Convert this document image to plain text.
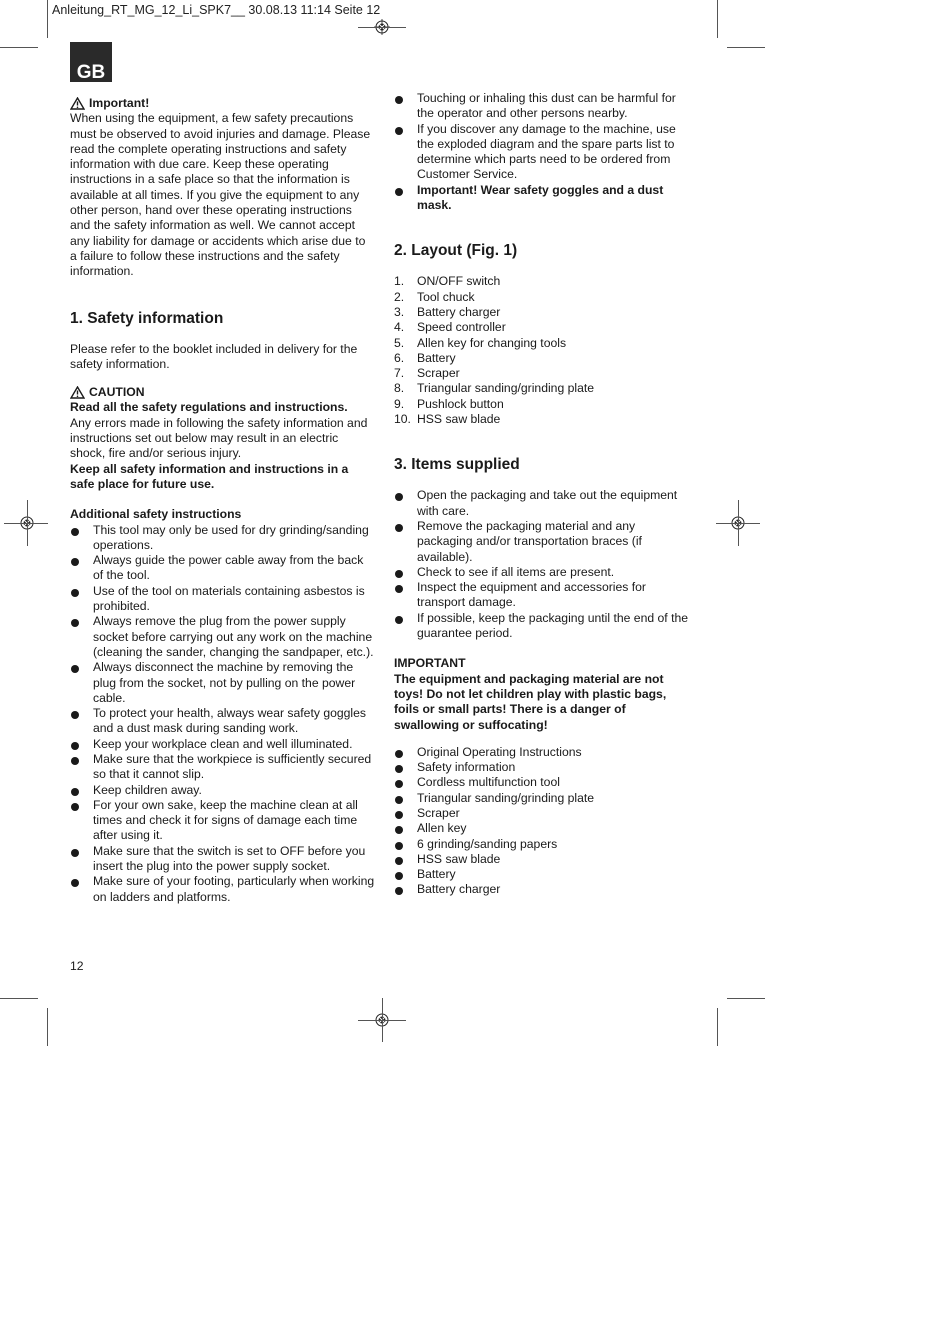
Anleitung_RT_MG_12_Li_SPK7__ 30.08.13 11:14 Seite 12
GB
Important!

When using the equipment, a few safety precautions must be observed to avoid injuries and damage. Please read the complete operating instructions and safety information with due care. Keep these operating instructions in a safe place so that the information is available at all times. If you give the equipment to any other person, hand over these operating instructions and the safety information as well. We cannot accept any liability for damage or accidents which arise due to a failure to follow these instructions and the safety information.

1. Safety information

Please refer to the booklet included in delivery for the safety information.

CAUTION

Read all the safety regulations and instructions.

Any errors made in following the safety information and instructions set out below may result in an electric shock, fire and/or serious injury.

Keep all safety information and instructions in a safe place for future use.

Additional safety instructions

This tool may only be used for dry grinding/sanding operations.
Always guide the power cable away from the back of the tool.
Use of the tool on materials containing asbestos is prohibited.
Always remove the plug from the power supply socket before carrying out any work on the machine (cleaning the sander, changing the sandpaper, etc.).
Always disconnect the machine by removing the plug from the socket, not by pulling on the power cable.
To protect your health, always wear safety goggles and a dust mask during sanding work.
Keep your workplace clean and well illuminated.
Make sure that the workpiece is sufficiently secured so that it cannot slip.
Keep children away.
For your own sake, keep the machine clean at all times and check it for signs of damage each time after using it.
Make sure that the switch is set to OFF before you insert the plug into the power supply socket.
Make sure of your footing, particularly when working on ladders and platforms.
Touching or inhaling this dust can be harmful for the operator and other persons nearby.
If you discover any damage to the machine, use the exploded diagram and the spare parts list to determine which parts need to be ordered from Customer Service.
Important! Wear safety goggles and a dust mask.
2. Layout (Fig. 1)
1. ON/OFF switch
2. Tool chuck
3. Battery charger
4. Speed controller
5. Allen key for changing tools
6. Battery
7. Scraper
8. Triangular sanding/grinding plate
9. Pushlock button
10. HSS saw blade
3. Items supplied
Open the packaging and take out the equipment with care.
Remove the packaging material and any packaging and/or transportation braces (if available).
Check to see if all items are present.
Inspect the equipment and accessories for transport damage.
If possible, keep the packaging until the end of the guarantee period.

IMPORTANT

The equipment and packaging material are not toys! Do not let children play with plastic bags, foils or small parts! There is a danger of swallowing or suffocating!

Original Operating Instructions
Safety information
Cordless multifunction tool
Triangular sanding/grinding plate
Scraper
Allen key
6 grinding/sanding papers
HSS saw blade
Battery
Battery charger
12
